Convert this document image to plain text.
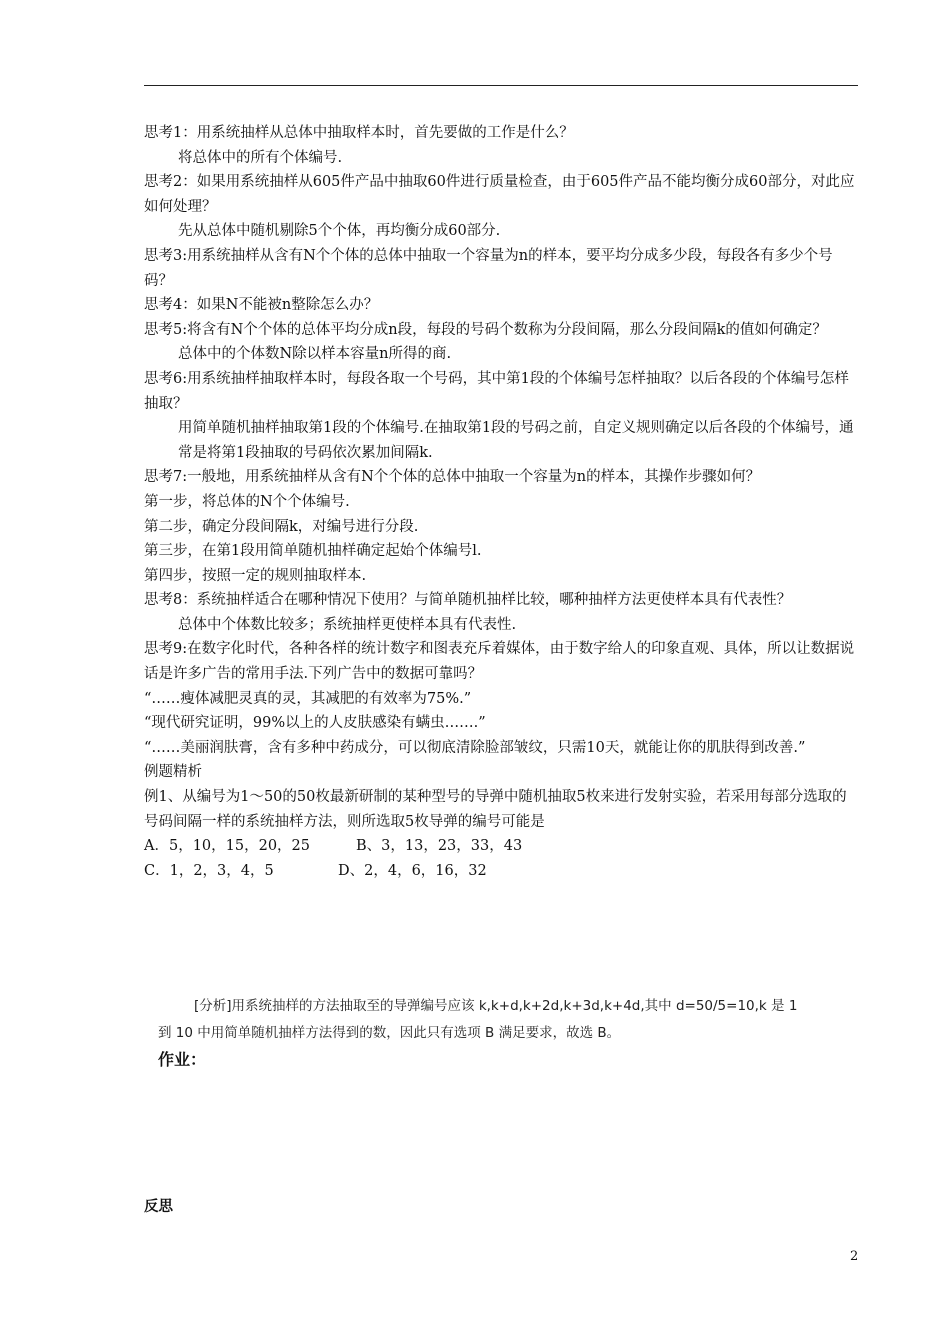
思考1：用系统抽样从总体中抽取样本时，首先要做的工作是什么？

将总体中的所有个体编号.

思考2：如果用系统抽样从605件产品中抽取60件进行质量检查，由于605件产品不能均衡分成60部分，对此应如何处理？

先从总体中随机剔除5个个体，再均衡分成60部分.

思考3:用系统抽样从含有N个个体的总体中抽取一个容量为n的样本，要平均分成多少段，每段各有多少个号码？

思考4：如果N不能被n整除怎么办？

思考5:将含有N个个体的总体平均分成n段，每段的号码个数称为分段间隔，那么分段间隔k的值如何确定？

总体中的个体数N除以样本容量n所得的商.

思考6:用系统抽样抽取样本时，每段各取一个号码，其中第1段的个体编号怎样抽取？以后各段的个体编号怎样抽取？

用简单随机抽样抽取第1段的个体编号.在抽取第1段的号码之前，自定义规则确定以后各段的个体编号，通常是将第1段抽取的号码依次累加间隔k.

思考7:一般地，用系统抽样从含有N个个体的总体中抽取一个容量为n的样本，其操作步骤如何？

第一步，将总体的N个个体编号.

第二步，确定分段间隔k，对编号进行分段.

第三步，在第1段用简单随机抽样确定起始个体编号l.

第四步，按照一定的规则抽取样本.

思考8：系统抽样适合在哪种情况下使用？与简单随机抽样比较，哪种抽样方法更使样本具有代表性？

总体中个体数比较多；系统抽样更使样本具有代表性.

思考9:在数字化时代，各种各样的统计数字和图表充斥着媒体，由于数字给人的印象直观、具体，所以让数据说话是许多广告的常用手法.下列广告中的数据可靠吗？

“……瘦体减肥灵真的灵，其减肥的有效率为75%.”

“现代研究证明，99%以上的人皮肤感染有螨虫…….”

“……美丽润肤膏，含有多种中药成分，可以彻底清除脸部皱纹，只需10天，就能让你的肌肤得到改善.”

例题精析

例1、从编号为1～50的50枚最新研制的某种型号的导弹中随机抽取5枚来进行发射实验，若采用每部分选取的号码间隔一样的系统抽样方法，则所选取5枚导弹的编号可能是

A．5，10，15，20，25	B、3，13，23，33，43

C．1，2，3，4，5	D、2，4，6，16，32

[分析]用系统抽样的方法抽取至的导弹编号应该 k,k+d,k+2d,k+3d,k+4d,其中 d=50/5=10,k 是 1
到 10 中用简单随机抽样方法得到的数，因此只有选项 B 满足要求，故选 B。
作业：
反思
2
